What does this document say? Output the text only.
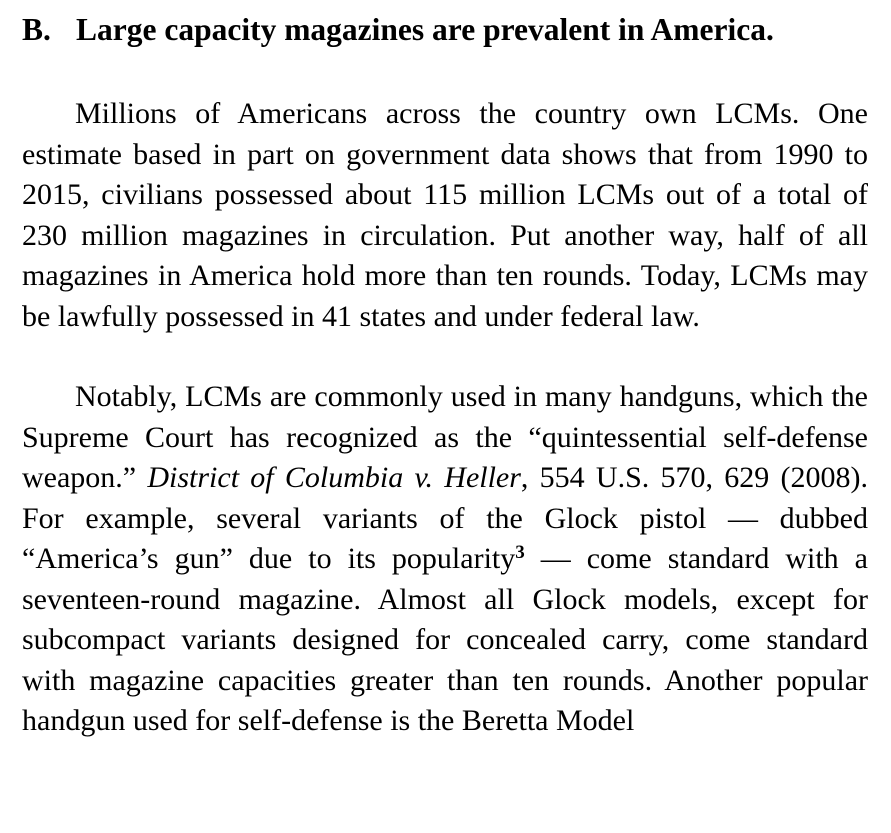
B. Large capacity magazines are prevalent in America.

Millions of Americans across the country own LCMs. One estimate based in part on government data shows that from 1990 to 2015, civilians possessed about 115 million LCMs out of a total of 230 million magazines in circulation. Put another way, half of all magazines in America hold more than ten rounds. Today, LCMs may be lawfully possessed in 41 states and under federal law.

Notably, LCMs are commonly used in many handguns, which the Supreme Court has recognized as the “quintessential self-defense weapon.” District of Columbia v. Heller, 554 U.S. 570, 629 (2008). For example, several variants of the Glock pistol — dubbed “America’s gun” due to its popularity$^3$ — come standard with a seventeen-round magazine. Almost all Glock models, except for subcompact variants designed for concealed carry, come standard with magazine capacities greater than ten rounds. Another popular handgun used for self-defense is the Beretta Model
